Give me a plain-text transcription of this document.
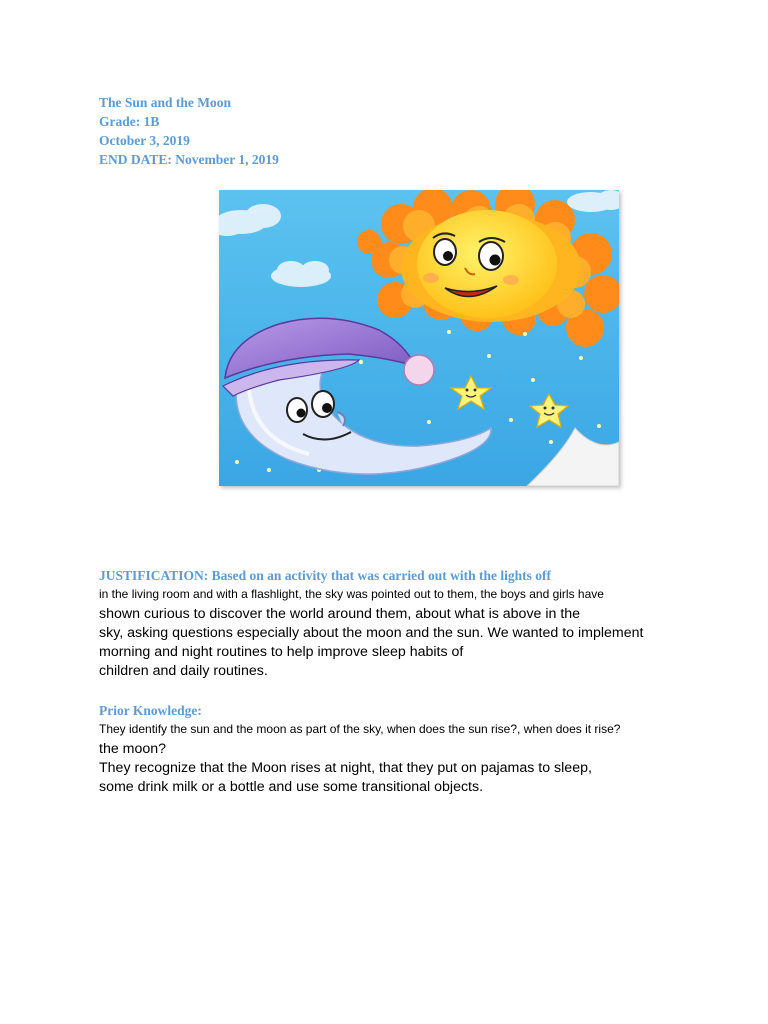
The Sun and the Moon
Grade: 1B
October 3, 2019
END DATE: November 1, 2019
JUSTIFICATION: Based on an activity that was carried out with the lights off
in the living room and with a flashlight, the sky was pointed out to them, the boys and girls have
shown curious to discover the world around them, about what is above in the
sky, asking questions especially about the moon and the sun. We wanted to implement
morning and night routines to help improve sleep habits of
children and daily routines.
Prior Knowledge:
They identify the sun and the moon as part of the sky, when does the sun rise?, when does it rise?
the moon?
They recognize that the Moon rises at night, that they put on pajamas to sleep,
some drink milk or a bottle and use some transitional objects.
